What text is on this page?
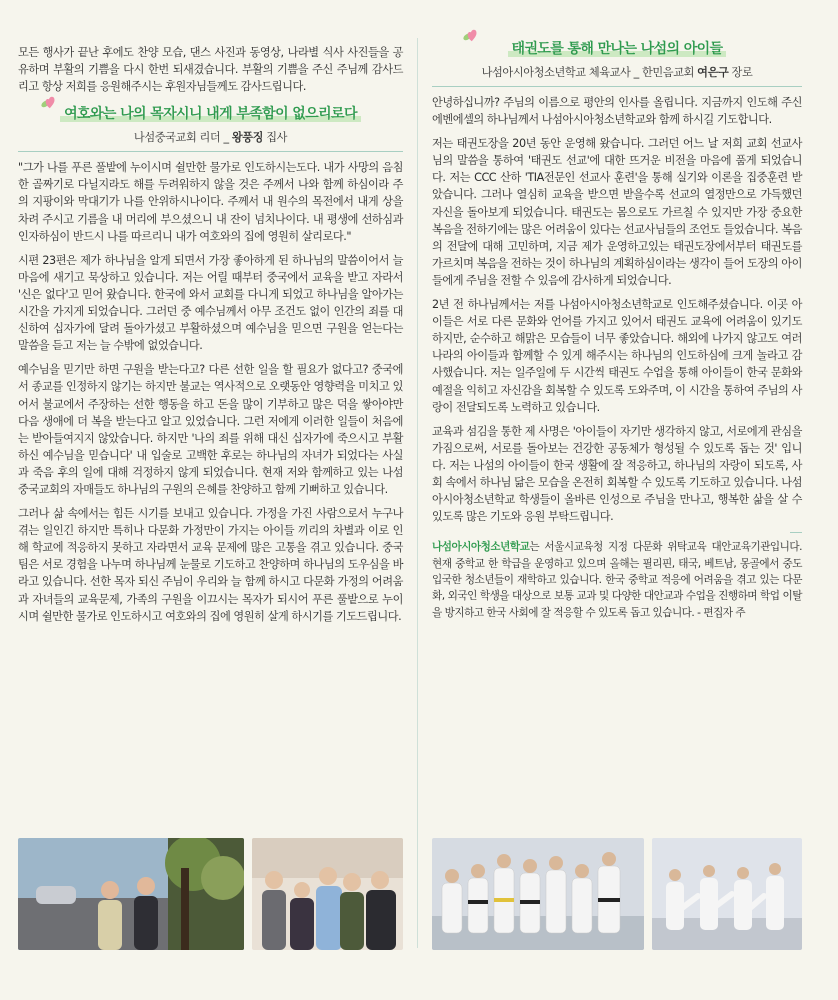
모든 행사가 끝난 후에도 찬양 모습, 댄스 사진과 동영상, 나라별 식사 사진들을 공유하며 부활의 기쁨을 다시 한번 되새겼습니다. 부활의 기쁨을 주신 주님께 감사드리고 항상 저희를 응원해주시는 후원자님들께도 감사드립니다.

여호와는 나의 목자시니 내게 부족함이 없으리로다
나섬중국교회 리더 _ 왕풍징 집사

"그가 나를 푸른 풀밭에 누이시며 쉴만한 물가로 인도하시는도다. 내가 사망의 음침한 골짜기로 다닐지라도 해를 두려워하지 않을 것은 주께서 나와 함께 하심이라 주의 지팡이와 막대기가 나를 안위하시나이다. 주께서 내 원수의 목전에서 내게 상을 차려 주시고 기름을 내 머리에 부으셨으니 내 잔이 넘치나이다. 내 평생에 선하심과 인자하심이 반드시 나를 따르리니 내가 여호와의 집에 영원히 살리로다."

시편 23편은 제가 하나님을 알게 되면서 가장 좋아하게 된 하나님의 말씀이어서 늘 마음에 새기고 묵상하고 있습니다. 저는 어릴 때부터 중국에서 교육을 받고 자라서 '신은 없다'고 믿어 왔습니다. 한국에 와서 교회를 다니게 되었고 하나님을 알아가는 시간을 가지게 되었습니다. 그러던 중 예수님께서 아무 조건도 없이 인간의 죄를 대신하여 십자가에 달려 돌아가셨고 부활하셨으며 예수님을 믿으면 구원을 얻는다는 말씀을 듣고 저는 늘 수밖에 없었습니다.

예수님을 믿기만 하면 구원을 받는다고? 다른 선한 일을 할 필요가 없다고? 중국에서 종교를 인정하지 않기는 하지만 불교는 역사적으로 오랫동안 영향력을 미치고 있어서 불교에서 주장하는 선한 행동을 하고 돈을 많이 기부하고 많은 덕을 쌓아야만 다음 생애에 더 복을 받는다고 알고 있었습니다. 그런 저에게 이러한 일들이 처음에는 받아들여지지 않았습니다. 하지만 '나의 죄를 위해 대신 십자가에 죽으시고 부활하신 예수님을 믿습니다' 내 입술로 고백한 후로는 하나님의 자녀가 되었다는 사실과 죽음 후의 일에 대해 걱정하지 않게 되었습니다. 현재 저와 함께하고 있는 나섬 중국교회의 자매들도 하나님의 구원의 은혜를 찬양하고 함께 기뻐하고 있습니다.

그러나 삶 속에서는 힘든 시기를 보내고 있습니다. 가정을 가진 사람으로서 누구나 겪는 일인긴 하지만 특히나 다문화 가정만이 가지는 아이들 끼리의 차별과 이로 인해 학교에 적응하지 못하고 자라면서 교육 문제에 많은 고통을 겪고 있습니다. 중국팀은 서로 경험을 나누며 하나님께 눈물로 기도하고 찬양하며 하나님의 도우심을 바라고 있습니다. 선한 목자 되신 주님이 우리와 늘 함께 하시고 다문화 가정의 어려움과 자녀들의 교육문제, 가족의 구원을 이끄시는 목자가 되시어 푸른 풀밭으로 누이시며 쉴만한 물가로 인도하시고 여호와의 집에 영원히 살게 하시기를 기도드립니다.

태권도를 통해 만나는 나섬의 아이들
나섬아시아청소년학교 체육교사 _ 한민음교회 여은구 장로

안녕하십니까? 주님의 이름으로 평안의 인사를 올립니다. 지금까지 인도해 주신 에벤에셀의 하나님께서 나섬아시아청소년학교와 함께 하시길 기도합니다.

저는 태권도장을 20년 동안 운영해 왔습니다. 그러던 어느 날 저희 교회 선교사님의 말씀을 통하여 '태권도 선교'에 대한 뜨거운 비전을 마음에 품게 되었습니다. 저는 CCC 산하 'TIA전문인 선교사 훈련'을 통해 실기와 이론을 집중훈련 받았습니다. 그러나 열심히 교육을 받으면 받을수록 선교의 열정만으로 가득했던 자신을 돌아보게 되었습니다. 태권도는 몸으로도 가르칠 수 있지만 가장 중요한 복음을 전하기에는 많은 어려움이 있다는 선교사님들의 조언도 들었습니다. 복음의 전달에 대해 고민하며, 지금 제가 운영하고있는 태권도장에서부터 태권도를 가르치며 복음을 전하는 것이 하나님의 계획하심이라는 생각이 들어 도장의 아이들에게 주님을 전할 수 있음에 감사하게 되었습니다.

2년 전 하나님께서는 저를 나섬아시아청소년학교로 인도해주셨습니다. 이곳 아이들은 서로 다른 문화와 언어를 가지고 있어서 태권도 교육에 어려움이 있기도 하지만, 순수하고 해맑은 모습들이 너무 좋았습니다. 해외에 나가지 않고도 여러 나라의 아이들과 함께할 수 있게 해주시는 하나님의 인도하심에 크게 놀라고 감사했습니다. 저는 일주일에 두 시간씩 태권도 수업을 통해 아이들이 한국 문화와 예절을 익히고 자신감을 회복할 수 있도록 도와주며, 이 시간을 통하여 주님의 사랑이 전달되도록 노력하고 있습니다.

교육과 섬김을 통한 제 사명은 '아이들이 자기만 생각하지 않고, 서로에게 관심을 가짐으로써, 서로를 돌아보는 건강한 공동체가 형성될 수 있도록 돕는 것' 입니다. 저는 나섬의 아이들이 한국 생활에 잘 적응하고, 하나님의 자랑이 되도록, 사회 속에서 하나님 닮은 모습을 온전히 회복할 수 있도록 기도하고 있습니다. 나섬아시아청소년학교 학생들이 올바른 인성으로 주님을 만나고, 행복한 삶을 살 수 있도록 많은 기도와 응원 부탁드립니다.

나섬아시아청소년학교는 서울시교육청 지정 다문화 위탁교육 대안교육기관입니다. 현재 중학교 한 학급을 운영하고 있으며 올해는 필리핀, 태국, 베트남, 몽골에서 중도 입국한 청소년들이 재학하고 있습니다. 한국 중학교 적응에 어려움을 겪고 있는 다문화, 외국인 학생을 대상으로 보통 교과 및 다양한 대안교과 수업을 진행하며 학업 이탈을 방지하고 한국 사회에 잘 적응할 수 있도록 돕고 있습니다. - 편집자 주
